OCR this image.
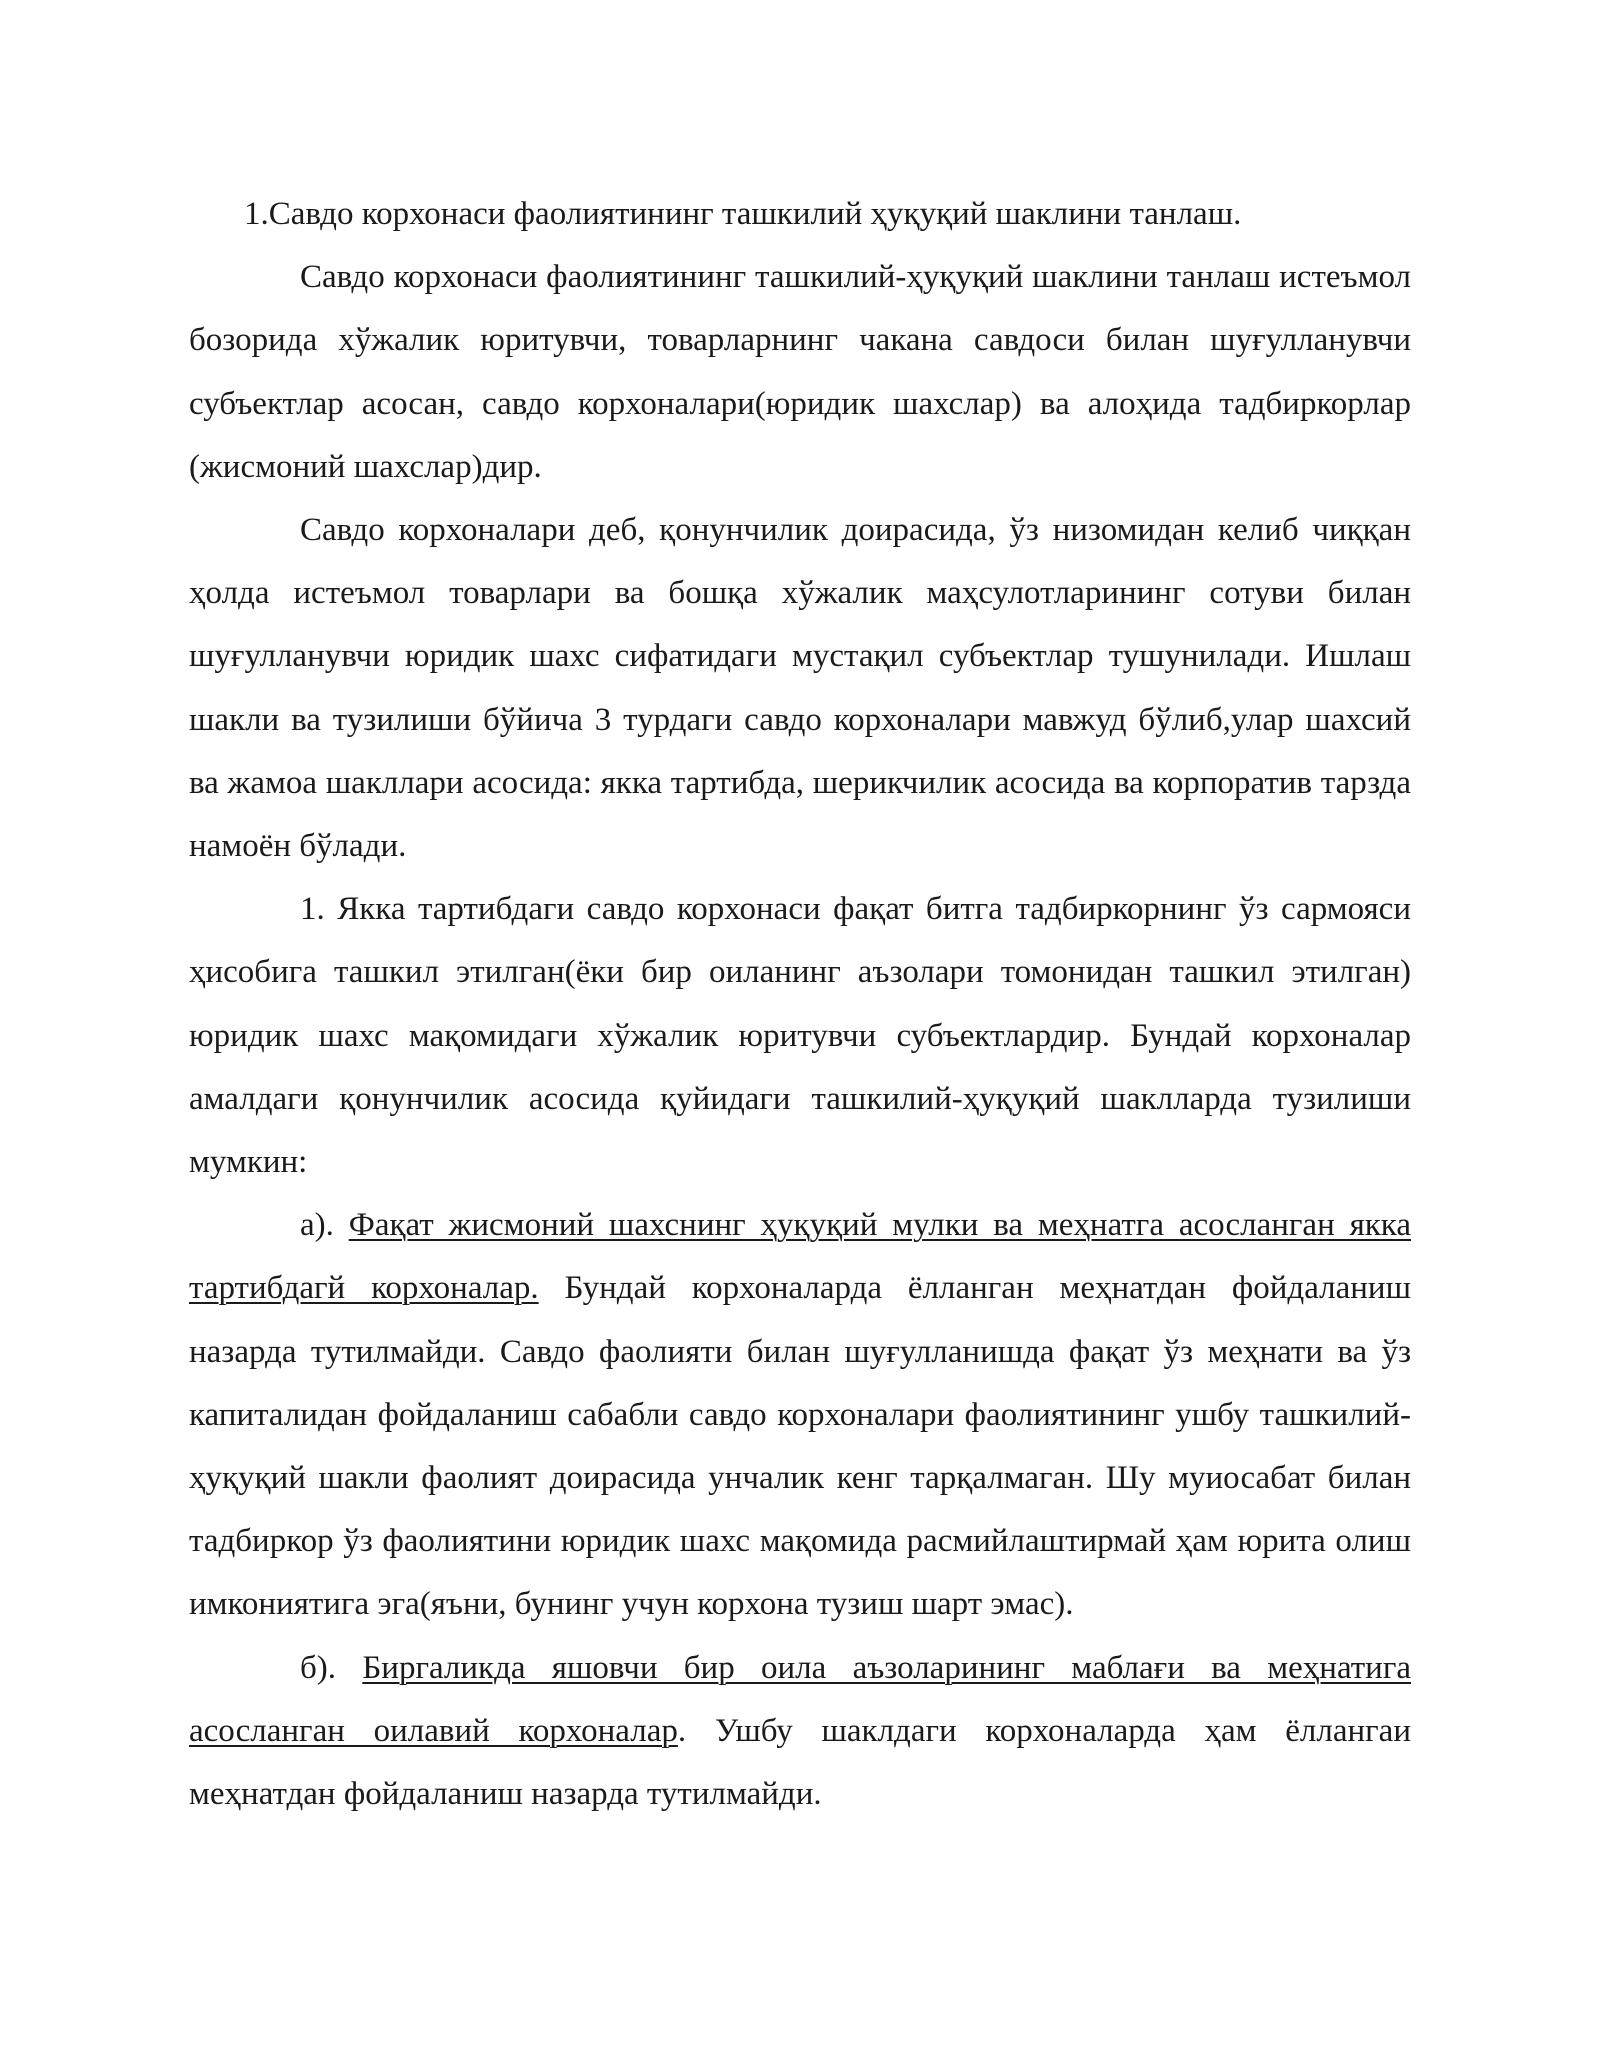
1.Савдо корхонаси фаолиятининг ташкилий ҳуқуқий шаклини танлаш.

Савдо корхонаси фаолиятининг ташкилий-ҳуқуқий шаклини танлаш истеъмол бозорида хўжалик юритувчи, товарларнинг чакана савдоси билан шуғулланувчи субъектлар асосан, савдо корхоналари(юридик шахслар) ва алоҳида тадбиркорлар (жисмоний шахслар)дир.

Савдо корхоналари деб, қонунчилик доирасида, ўз низомидан келиб чиққан ҳолда истеъмол товарлари ва бошқа хўжалик маҳсулотларининг сотуви билан шуғулланувчи юридик шахс сифатидаги мустақил субъектлар тушунилади. Ишлаш шакли ва тузилиши бўйича 3 турдаги савдо корхоналари мавжуд бўлиб,улар шахсий ва жамоа шакллари асосида: якка тартибда, шерикчилик асосида ва корпоратив тарзда намоён бўлади.

1. Якка тартибдаги савдо корхонаси фақат битга тадбиркорнинг ўз сармояси ҳисобига ташкил этилган(ёки бир оиланинг аъзолари томонидан ташкил этилган) юридик шахс мақомидаги хўжалик юритувчи субъектлардир. Бундай корхоналар амалдаги қонунчилик асосида қуйидаги ташкилий-ҳуқуқий шаклларда тузилиши мумкин:

а). Фақат жисмоний шахснинг ҳуқуқий мулки ва меҳнатга асосланган якка тартибдагй корхоналар. Бундай корхоналарда ёлланган меҳнатдан фойдаланиш назарда тутилмайди. Савдо фаолияти билан шуғулланишда фақат ўз меҳнати ва ўз капиталидан фойдаланиш сабабли савдо корхоналари фаолиятининг ушбу ташкилий-ҳуқуқий шакли фаолият доирасида унчалик кенг тарқалмаган. Шу муиосабат билан тадбиркор ўз фаолиятини юридик шахс мақомида расмийлаштирмай ҳам юрита олиш имкониятига эга(яъни, бунинг учун корхона тузиш шарт эмас).

б). Биргаликда яшовчи бир оила аъзоларининг маблағи ва меҳнатига асосланган оилавий корхоналар. Ушбу шаклдаги корхоналарда ҳам ёллангаи меҳнатдан фойдаланиш назарда тутилмайди.
